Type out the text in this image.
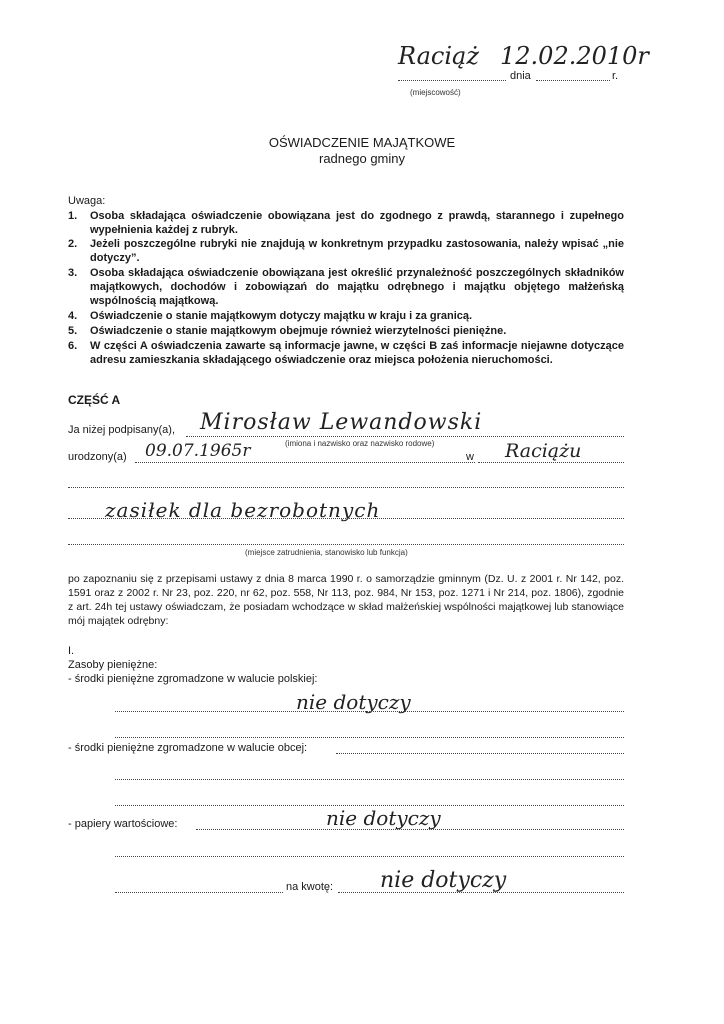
Raciąż 12.02.2010r
dnia	r.
(miejscowość)
OŚWIADCZENIE MAJĄTKOWE
radnego gminy
Uwaga:
1. Osoba składająca oświadczenie obowiązana jest do zgodnego z prawdą, starannego i zupełnego wypełnienia każdej z rubryk.
2. Jeżeli poszczególne rubryki nie znajdują w konkretnym przypadku zastosowania, należy wpisać „nie dotyczy”.
3. Osoba składająca oświadczenie obowiązana jest określić przynależność poszczególnych składników majątkowych, dochodów i zobowiązań do majątku odrębnego i majątku objętego małżeńską wspólnością majątkową.
4. Oświadczenie o stanie majątkowym dotyczy majątku w kraju i za granicą.
5. Oświadczenie o stanie majątkowym obejmuje również wierzytelności pieniężne.
6. W części A oświadczenia zawarte są informacje jawne, w części B zaś informacje niejawne dotyczące adresu zamieszkania składającego oświadczenie oraz miejsca położenia nieruchomości.
CZĘŚĆ A
Ja niżej podpisany(a), Mirosław Lewandowski
(imiona i nazwisko oraz nazwisko rodowe)
urodzony(a) 09.07.1965r	w Raciążu
zasiłek dla bezrobotnych
(miejsce zatrudnienia, stanowisko lub funkcja)
po zapoznaniu się z przepisami ustawy z dnia 8 marca 1990 r. o samorządzie gminnym (Dz. U. z 2001 r. Nr 142, poz. 1591 oraz z 2002 r. Nr 23, poz. 220, nr 62, poz. 558, Nr 113, poz. 984, Nr 153, poz. 1271 i Nr 214, poz. 1806), zgodnie z art. 24h tej ustawy oświadczam, że posiadam wchodzące w skład małżeńskiej wspólności majątkowej lub stanowiące mój majątek odrębny:
I.
Zasoby pieniężne:
- środki pieniężne zgromadzone w walucie polskiej:
nie dotyczy
- środki pieniężne zgromadzone w walucie obcej:
- papiery wartościowe:	nie dotyczy
na kwotę: nie dotyczy
